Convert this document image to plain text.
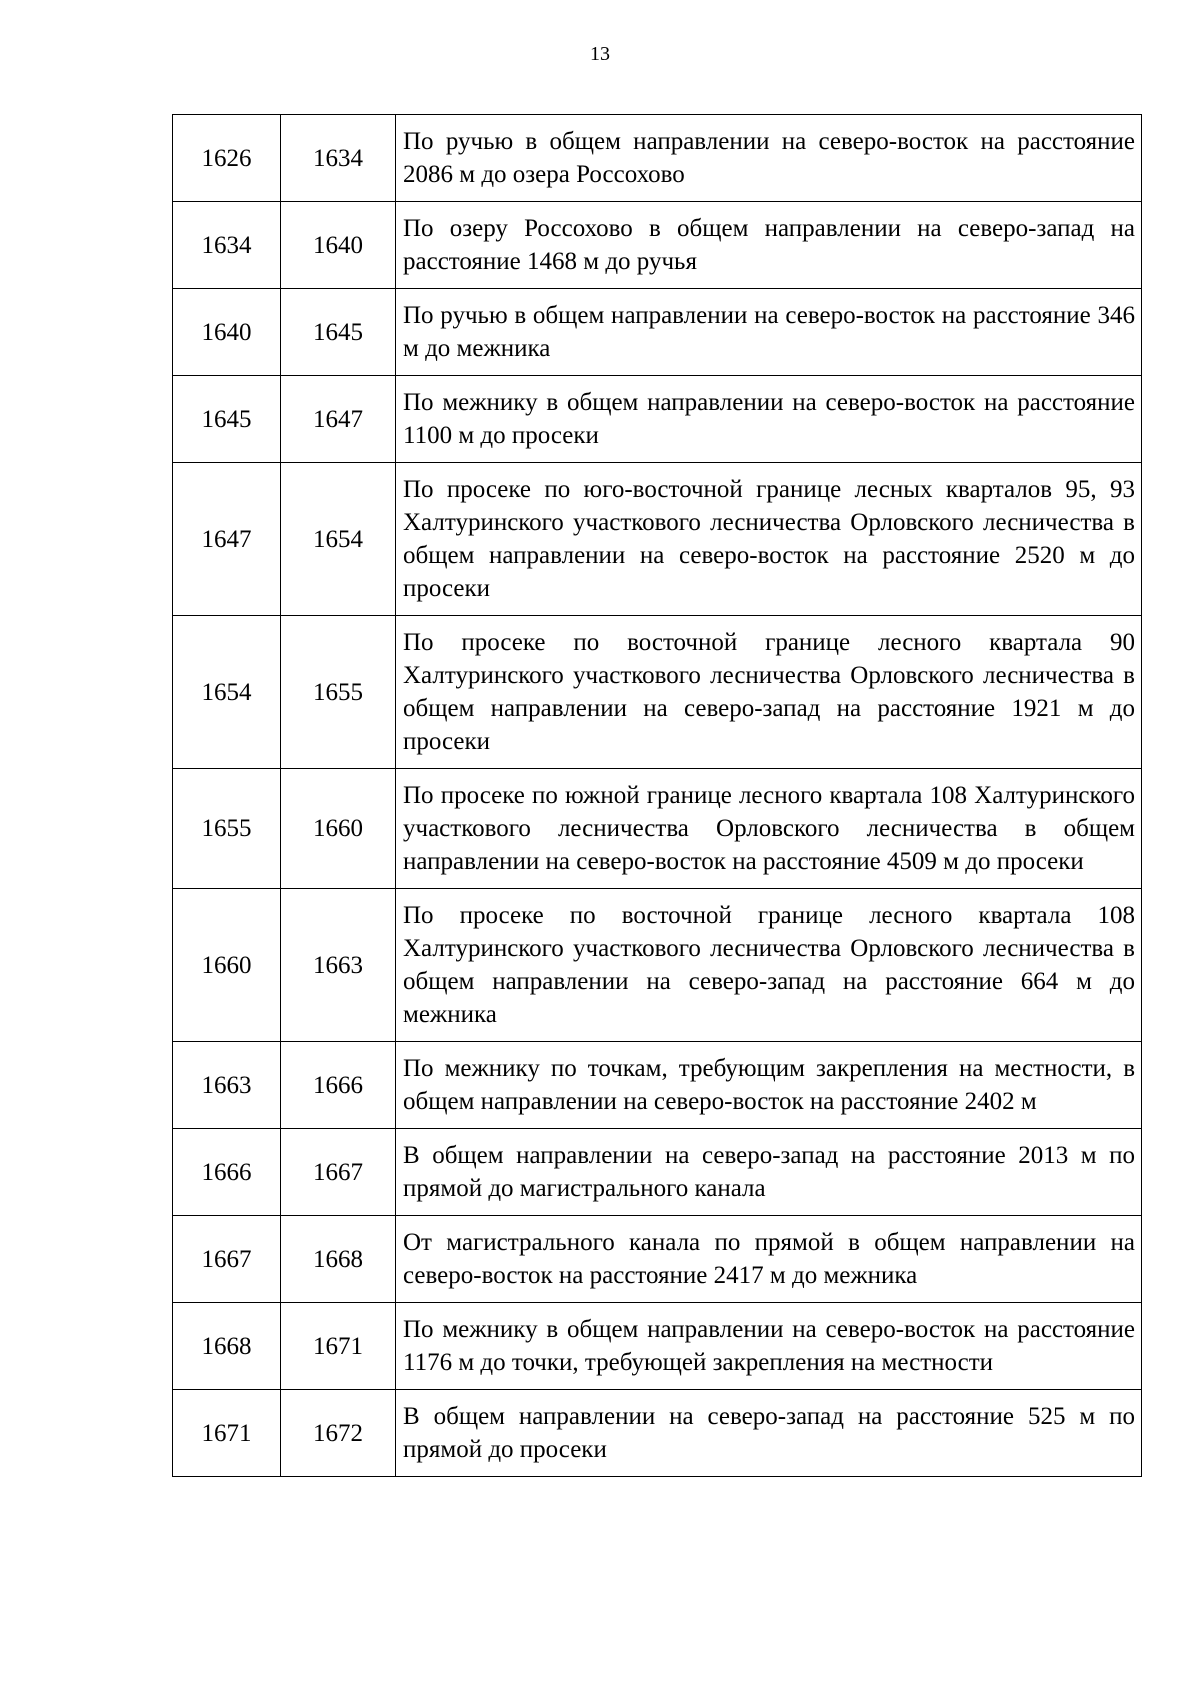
13
1626	1634	По ручью в общем направлении на северо-восток на расстояние 2086 м до озера Россохово
1634	1640	По озеру Россохово в общем направлении на северо-запад на расстояние 1468 м до ручья
1640	1645	По ручью в общем направлении на северо-восток на расстояние 346 м до межника
1645	1647	По межнику в общем направлении на северо-восток на расстояние 1100 м до просеки
1647	1654	По просеке по юго-восточной границе лесных кварталов 95, 93 Халтуринского участкового лесничества Орловского лесничества в общем направлении на северо-восток на расстояние 2520 м до просеки
1654	1655	По просеке по восточной границе лесного квартала 90 Халтуринского участкового лесничества Орловского лесничества в общем направлении на северо-запад на расстояние 1921 м до просеки
1655	1660	По просеке по южной границе лесного квартала 108 Халтуринского участкового лесничества Орловского лесничества в общем направлении на северо-восток на расстояние 4509 м до просеки
1660	1663	По просеке по восточной границе лесного квартала 108 Халтуринского участкового лесничества Орловского лесничества в общем направлении на северо-запад на расстояние 664 м до межника
1663	1666	По межнику по точкам, требующим закрепления на местности, в общем направлении на северо-восток на расстояние 2402 м
1666	1667	В общем направлении на северо-запад на расстояние 2013 м по прямой до магистрального канала
1667	1668	От магистрального канала по прямой в общем направлении на северо-восток на расстояние 2417 м до межника
1668	1671	По межнику в общем направлении на северо-восток на расстояние 1176 м до точки, требующей закрепления на местности
1671	1672	В общем направлении на северо-запад на расстояние 525 м по прямой до просеки
